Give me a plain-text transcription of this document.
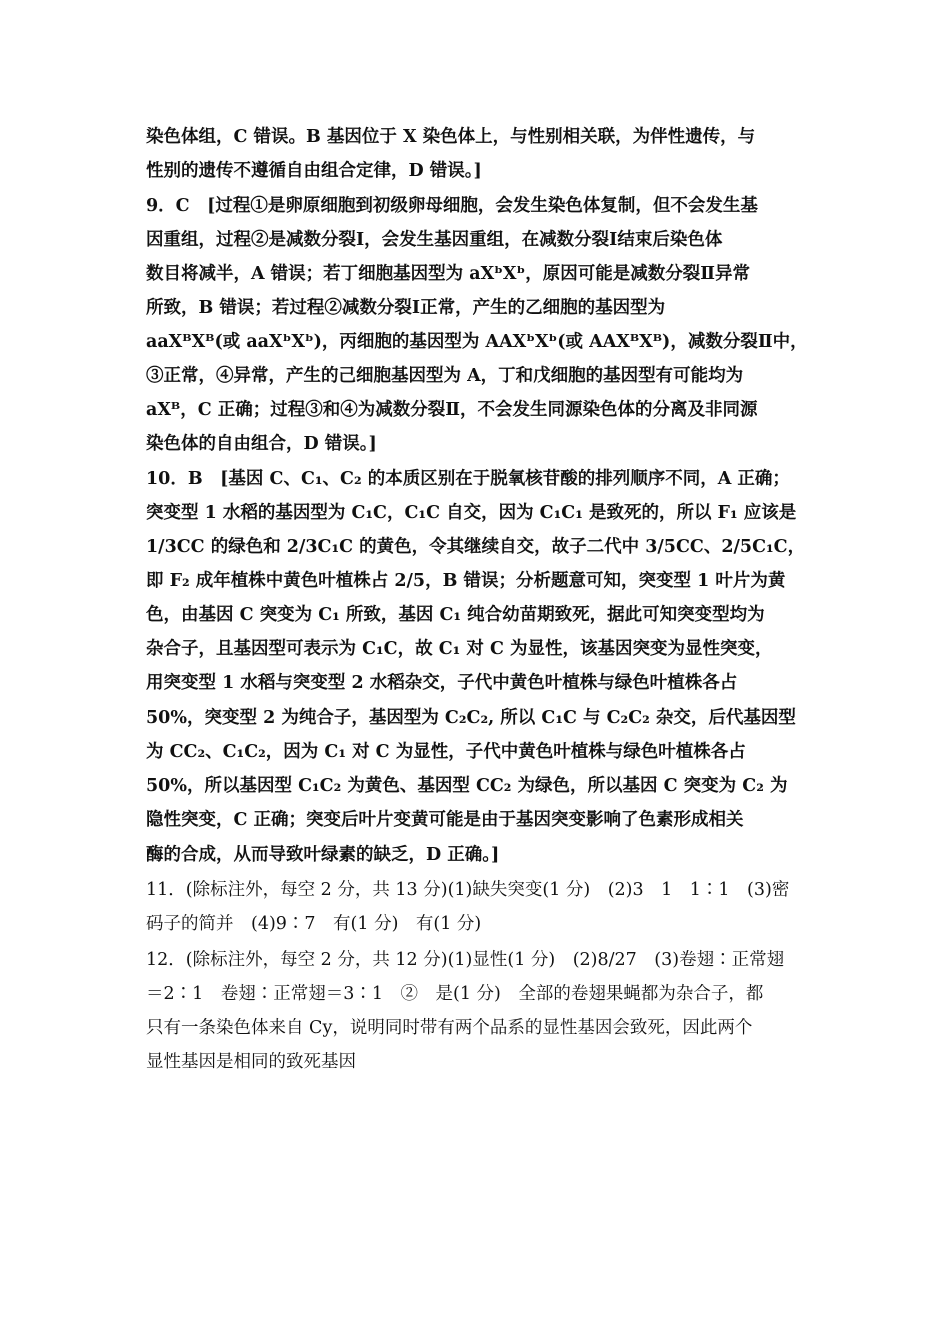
染色体组，C 错误。B 基因位于 X 染色体上，与性别相关联，为伴性遗传，与
性别的遗传不遵循自由组合定律，D 错误。]
9．C　[过程①是卵原细胞到初级卵母细胞，会发生染色体复制，但不会发生基
因重组，过程②是减数分裂Ⅰ，会发生基因重组，在减数分裂Ⅰ结束后染色体
数目将减半，A 错误；若丁细胞基因型为 aXᵇXᵇ，原因可能是减数分裂Ⅱ异常
所致，B 错误；若过程②减数分裂Ⅰ正常，产生的乙细胞的基因型为
aaXᴮXᴮ(或 aaXᵇXᵇ)，丙细胞的基因型为 AAXᵇXᵇ(或 AAXᴮXᴮ)，减数分裂Ⅱ中，
③正常，④异常，产生的己细胞基因型为 A，丁和戊细胞的基因型有可能均为
aXᴮ，C 正确；过程③和④为减数分裂Ⅱ，不会发生同源染色体的分离及非同源
染色体的自由组合，D 错误。]
10．B　[基因 C、C₁、C₂ 的本质区别在于脱氧核苷酸的排列顺序不同，A 正确；
突变型 1 水稻的基因型为 C₁C，C₁C 自交，因为 C₁C₁ 是致死的，所以 F₁ 应该是
1/3CC 的绿色和 2/3C₁C 的黄色，令其继续自交，故子二代中 3/5CC、2/5C₁C，
即 F₂ 成年植株中黄色叶植株占 2/5，B 错误；分析题意可知，突变型 1 叶片为黄
色，由基因 C 突变为 C₁ 所致，基因 C₁ 纯合幼苗期致死，据此可知突变型均为
杂合子，且基因型可表示为 C₁C，故 C₁ 对 C 为显性，该基因突变为显性突变，
用突变型 1 水稻与突变型 2 水稻杂交，子代中黄色叶植株与绿色叶植株各占
50%，突变型 2 为纯合子，基因型为 C₂C₂, 所以 C₁C 与 C₂C₂ 杂交，后代基因型
为 CC₂、C₁C₂，因为 C₁ 对 C 为显性，子代中黄色叶植株与绿色叶植株各占
50%，所以基因型 C₁C₂ 为黄色、基因型 CC₂ 为绿色，所以基因 C 突变为 C₂ 为
隐性突变，C 正确；突变后叶片变黄可能是由于基因突变影响了色素形成相关
酶的合成，从而导致叶绿素的缺乏，D 正确。]
11．(除标注外，每空 2 分，共 13 分)(1)缺失突变(1 分)　(2)3　1　1∶1　(3)密
码子的简并　(4)9∶7　有(1 分)　有(1 分)
12．(除标注外，每空 2 分，共 12 分)(1)显性(1 分)　(2)8/27　(3)卷翅∶正常翅
＝2∶1　卷翅∶正常翅＝3∶1　②　是(1 分)　全部的卷翅果蝇都为杂合子，都
只有一条染色体来自 Cy，说明同时带有两个品系的显性基因会致死，因此两个
显性基因是相同的致死基因
